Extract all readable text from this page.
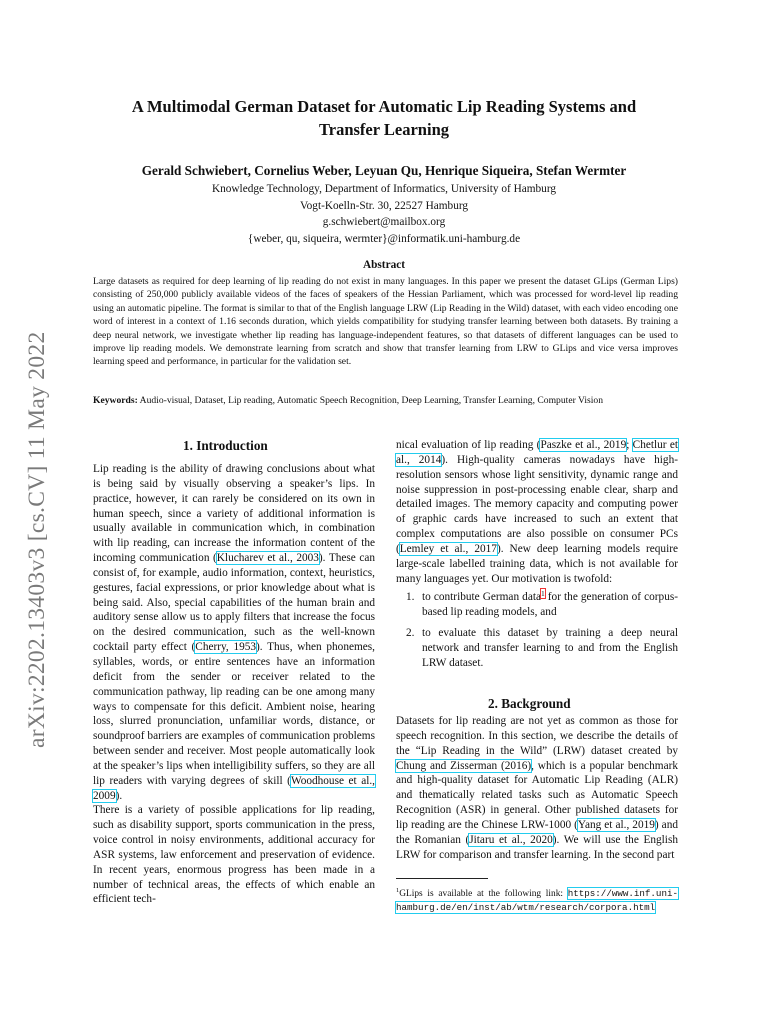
arXiv:2202.13403v3 [cs.CV] 11 May 2022
A Multimodal German Dataset for Automatic Lip Reading Systems and
Transfer Learning

Gerald Schwiebert, Cornelius Weber, Leyuan Qu, Henrique Siqueira, Stefan Wermter

Knowledge Technology, Department of Informatics, University of Hamburg
Vogt-Koelln-Str. 30, 22527 Hamburg
g.schwiebert@mailbox.org
{weber, qu, siqueira, wermter}@informatik.uni-hamburg.de
Abstract

Large datasets as required for deep learning of lip reading do not exist in many languages. In this paper we present the dataset GLips (German Lips) consisting of 250,000 publicly available videos of the faces of speakers of the Hessian Parliament, which was processed for word-level lip reading using an automatic pipeline. The format is similar to that of the English language LRW (Lip Reading in the Wild) dataset, with each video encoding one word of interest in a context of 1.16 seconds duration, which yields compatibility for studying transfer learning between both datasets. By training a deep neural network, we investigate whether lip reading has language-independent features, so that datasets of different languages can be used to improve lip reading models. We demonstrate learning from scratch and show that transfer learning from LRW to GLips and vice versa improves learning speed and performance, in particular for the validation set.

Keywords: Audio-visual, Dataset, Lip reading, Automatic Speech Recognition, Deep Learning, Transfer Learning, Computer Vision

1. Introduction

Lip reading is the ability of drawing conclusions about what is being said by visually observing a speaker’s lips. In practice, however, it can rarely be considered on its own in human speech, since a variety of additional information is usually available in communication which, in combination with lip reading, can increase the information content of the incoming communication (Klucharev et al., 2003). These can consist of, for example, audio information, context, heuristics, gestures, facial expressions, or prior knowledge about what is being said. Also, special capabilities of the human brain and auditory sense allow us to apply filters that increase the focus on the desired communication, such as the well-known cocktail party effect (Cherry, 1953). Thus, when phonemes, syllables, words, or entire sentences have an information deficit from the sender or receiver related to the communication pathway, lip reading can be one among many ways to compensate for this deficit. Ambient noise, hearing loss, slurred pronunciation, unfamiliar words, distance, or soundproof barriers are examples of communication problems between sender and receiver. Most people automatically look at the speaker’s lips when intelligibility suffers, so they are all lip readers with varying degrees of skill (Woodhouse et al., 2009).

There is a variety of possible applications for lip reading, such as disability support, sports communication in the press, voice control in noisy environments, additional accuracy for ASR systems, law enforcement and preservation of evidence. In recent years, enormous progress has been made in a number of technical areas, the effects of which enable an efficient tech-

nical evaluation of lip reading (Paszke et al., 2019; Chetlur et al., 2014). High-quality cameras nowadays have high-resolution sensors whose light sensitivity, dynamic range and noise suppression in post-processing enable clear, sharp and detailed images. The memory capacity and computing power of graphic cards have increased to such an extent that complex computations are also possible on consumer PCs (Lemley et al., 2017). New deep learning models require large-scale labelled training data, which is not available for many languages yet. Our motivation is twofold:

1. to contribute German data$^1$ for the generation of corpus-based lip reading models, and
2. to evaluate this dataset by training a deep neural network and transfer learning to and from the English LRW dataset.
2. Background

Datasets for lip reading are not yet as common as those for speech recognition. In this section, we describe the details of the “Lip Reading in the Wild” (LRW) dataset created by Chung and Zisserman (2016), which is a popular benchmark and high-quality dataset for Automatic Lip Reading (ALR) and thematically related tasks such as Automatic Speech Recognition (ASR) in general. Other published datasets for lip reading are the Chinese LRW-1000 (Yang et al., 2019) and the Romanian (Jitaru et al., 2020). We will use the English LRW for comparison and transfer learning. In the second part

$^1$GLips is available at the following link: https://www.inf.uni-hamburg.de/en/inst/ab/wtm/research/corpora.html
